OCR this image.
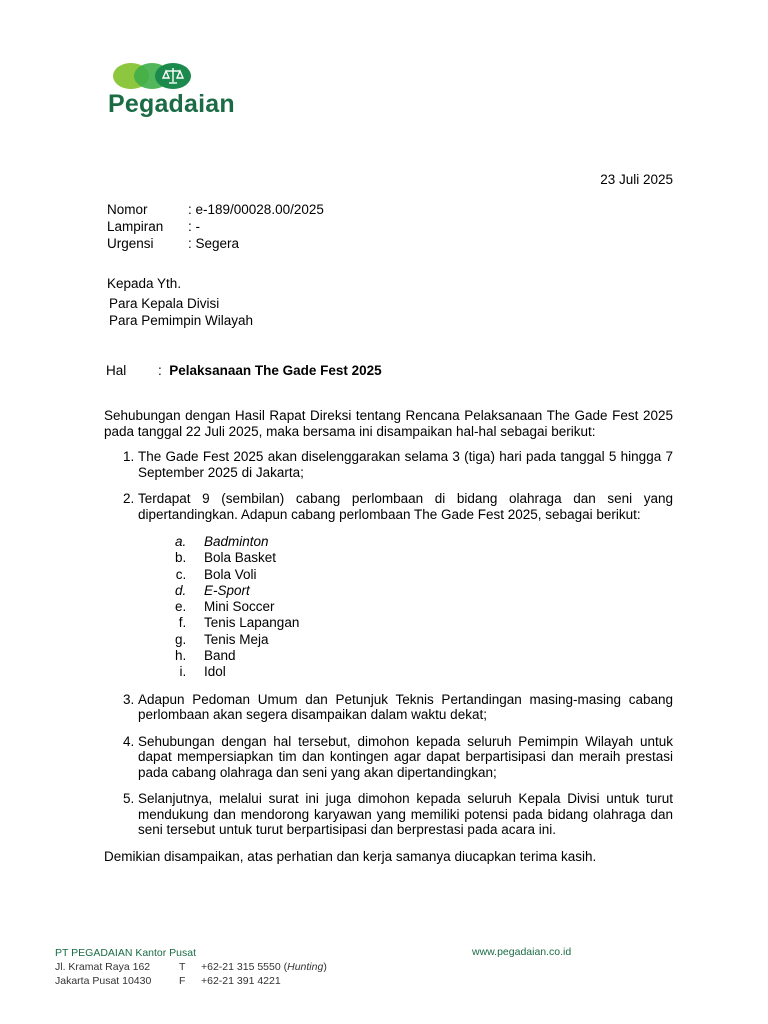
Pegadaian
23 Juli 2025
Nomor	: e-189/00028.00/2025
Lampiran : -
Urgensi	: Segera
Kepada Yth.
Para Kepala Divisi
Para Pemimpin Wilayah
Hal : Pelaksanaan The Gade Fest 2025

Sehubungan dengan Hasil Rapat Direksi tentang Rencana Pelaksanaan The Gade Fest 2025 pada tanggal 22 Juli 2025, maka bersama ini disampaikan hal-hal sebagai berikut:

1. The Gade Fest 2025 akan diselenggarakan selama 3 (tiga) hari pada tanggal 5 hingga 7 September 2025 di Jakarta;
2. Terdapat 9 (sembilan) cabang perlombaan di bidang olahraga dan seni yang dipertandingkan. Adapun cabang perlombaan The Gade Fest 2025, sebagai berikut:
a. Badminton
b. Bola Basket
c. Bola Voli
d. E-Sport
e. Mini Soccer
f. Tenis Lapangan
g. Tenis Meja
h. Band
i. Idol
3. Adapun Pedoman Umum dan Petunjuk Teknis Pertandingan masing-masing cabang perlombaan akan segera disampaikan dalam waktu dekat;
4. Sehubungan dengan hal tersebut, dimohon kepada seluruh Pemimpin Wilayah untuk dapat mempersiapkan tim dan kontingen agar dapat berpartisipasi dan meraih prestasi pada cabang olahraga dan seni yang akan dipertandingkan;
5. Selanjutnya, melalui surat ini juga dimohon kepada seluruh Kepala Divisi untuk turut mendukung dan mendorong karyawan yang memiliki potensi pada bidang olahraga dan seni tersebut untuk turut berpartisipasi dan berprestasi pada acara ini.

Demikian disampaikan, atas perhatian dan kerja samanya diucapkan terima kasih.

PT PEGADAIAN Kantor Pusat
Jl. Kramat Raya 162	T +62-21 315 5550 (Hunting)
Jakarta Pusat 10430	F +62-21 391 4221
www.pegadaian.co.id
